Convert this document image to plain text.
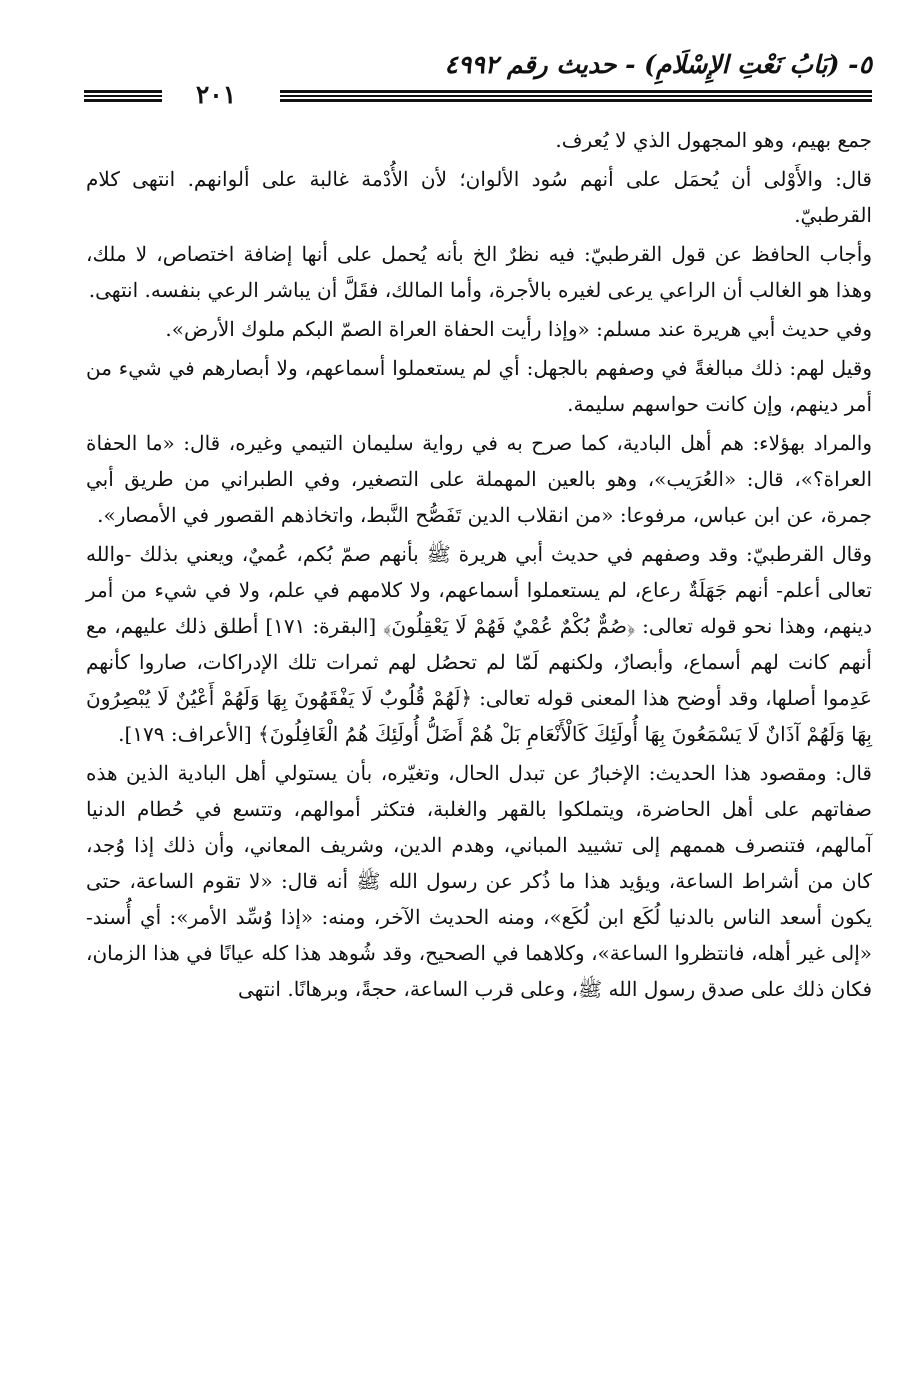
٥- (بَابُ نَعْتِ الإِسْلَامِ) - حديث رقم ٤٩٩٢
٢٠١

جمع بهيم، وهو المجهول الذي لا يُعرف.

قال: والأَوْلى أن يُحمَل على أنهم سُود الألوان؛ لأن الأُدْمة غالبة على ألوانهم. انتهى كلام القرطبيّ.

وأجاب الحافظ عن قول القرطبيّ: فيه نظرٌ الخ بأنه يُحمل على أنها إضافة اختصاص، لا ملك، وهذا هو الغالب أن الراعي يرعى لغيره بالأجرة، وأما المالك، فقَلَّ أن يباشر الرعي بنفسه. انتهى.

وفي حديث أبي هريرة عند مسلم: «وإذا رأيت الحفاة العراة الصمّ البكم ملوك الأرض».

وقيل لهم: ذلك مبالغةً في وصفهم بالجهل: أي لم يستعملوا أسماعهم، ولا أبصارهم في شيء من أمر دينهم، وإن كانت حواسهم سليمة.

والمراد بهؤلاء: هم أهل البادية، كما صرح به في رواية سليمان التيمي وغيره، قال: «ما الحفاة العراة؟»، قال: «العُرَيب»، وهو بالعين المهملة على التصغير، وفي الطبراني من طريق أبي جمرة، عن ابن عباس، مرفوعا: «من انقلاب الدين تَفَصُّح النَّبط، واتخاذهم القصور في الأمصار».

وقال القرطبيّ: وقد وصفهم في حديث أبي هريرة ﷺ بأنهم صمّ بُكم، عُميٌ، ويعني بذلك -والله تعالى أعلم- أنهم جَهَلَةٌ رعاع، لم يستعملوا أسماعهم، ولا كلامهم في علم، ولا في شيء من أمر دينهم، وهذا نحو قوله تعالى: ﴿صُمٌّ بُكْمٌ عُمْيٌ فَهُمْ لَا يَعْقِلُونَ﴾ [البقرة: ١٧١] أطلق ذلك عليهم، مع أنهم كانت لهم أسماع، وأبصارٌ، ولكنهم لَمّا لم تحصُل لهم ثمرات تلك الإدراكات، صاروا كأنهم عَدِموا أصلها، وقد أوضح هذا المعنى قوله تعالى: ﴿لَهُمْ قُلُوبٌ لَا يَفْقَهُونَ بِهَا وَلَهُمْ أَعْيُنٌ لَا يُبْصِرُونَ بِهَا وَلَهُمْ آذَانٌ لَا يَسْمَعُونَ بِهَا أُولَئِكَ كَالْأَنْعَامِ بَلْ هُمْ أَضَلُّ أُولَئِكَ هُمُ الْغَافِلُونَ﴾ [الأعراف: ١٧٩].

قال: ومقصود هذا الحديث: الإخبارُ عن تبدل الحال، وتغيّره، بأن يستولي أهل البادية الذين هذه صفاتهم على أهل الحاضرة، ويتملكوا بالقهر والغلبة، فتكثر أموالهم، وتتسع في حُطام الدنيا آمالهم، فتنصرف هممهم إلى تشييد المباني، وهدم الدين، وشريف المعاني، وأن ذلك إذا وُجد، كان من أشراط الساعة، ويؤيد هذا ما ذُكر عن رسول الله ﷺ أنه قال: «لا تقوم الساعة، حتى يكون أسعد الناس بالدنيا لُكَع ابن لُكَع»، ومنه الحديث الآخر، ومنه: «إذا وُسِّد الأمر»: أي أُسند- «إلى غير أهله، فانتظروا الساعة»، وكلاهما في الصحيح، وقد شُوهد هذا كله عيانًا في هذا الزمان، فكان ذلك على صدق رسول الله ﷺ، وعلى قرب الساعة، حجةً، وبرهانًا. انتهى
